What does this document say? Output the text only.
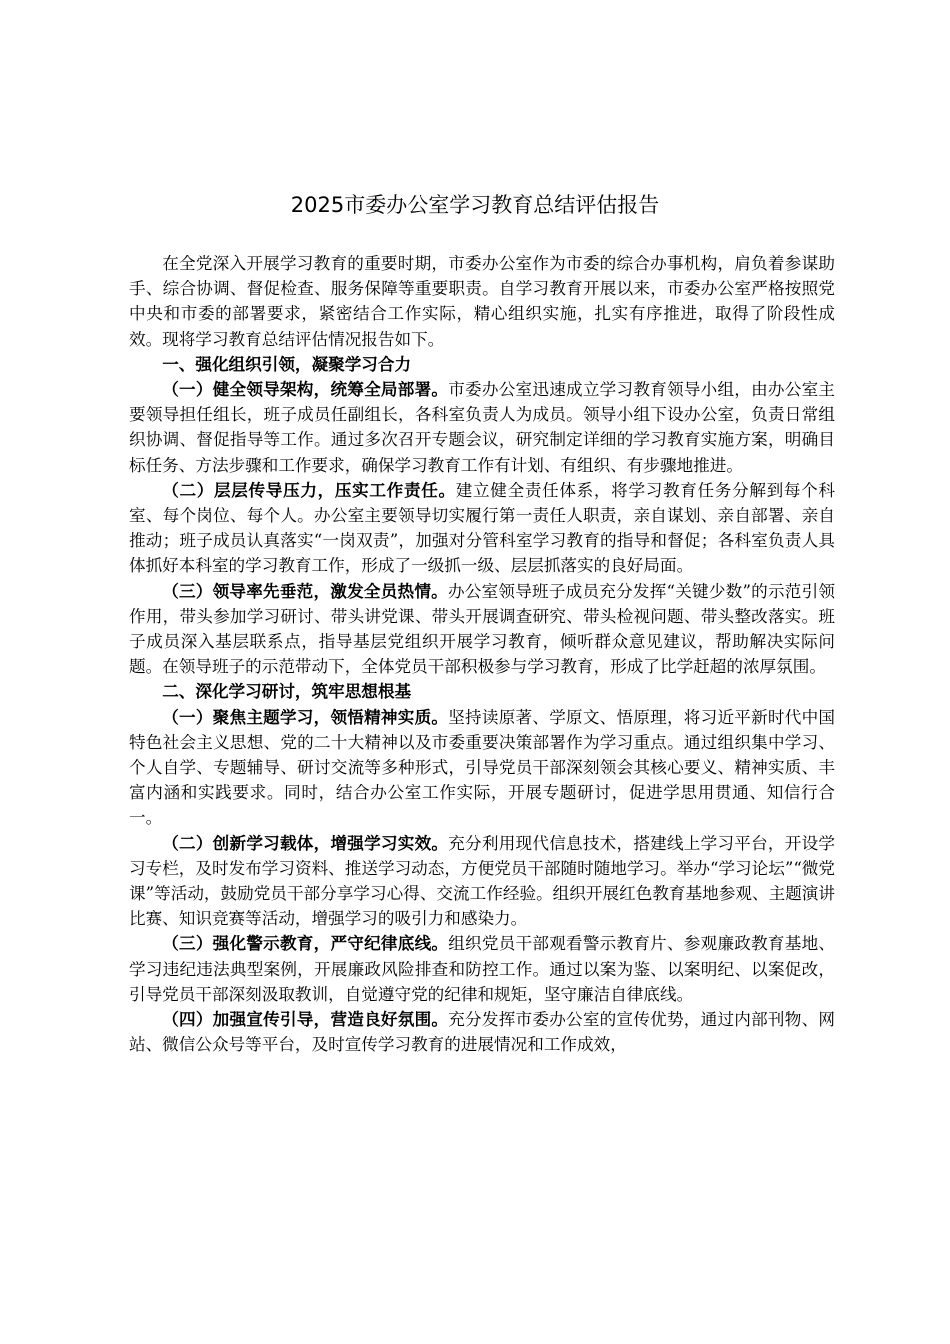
2025市委办公室学习教育总结评估报告

在全党深入开展学习教育的重要时期，市委办公室作为市委的综合办事机构，肩负着参谋助手、综合协调、督促检查、服务保障等重要职责。自学习教育开展以来，市委办公室严格按照党中央和市委的部署要求，紧密结合工作实际，精心组织实施，扎实有序推进，取得了阶段性成效。现将学习教育总结评估情况报告如下。

一、强化组织引领，凝聚学习合力

（一）健全领导架构，统筹全局部署。市委办公室迅速成立学习教育领导小组，由办公室主要领导担任组长，班子成员任副组长，各科室负责人为成员。领导小组下设办公室，负责日常组织协调、督促指导等工作。通过多次召开专题会议，研究制定详细的学习教育实施方案，明确目标任务、方法步骤和工作要求，确保学习教育工作有计划、有组织、有步骤地推进。

（二）层层传导压力，压实工作责任。建立健全责任体系，将学习教育任务分解到每个科室、每个岗位、每个人。办公室主要领导切实履行第一责任人职责，亲自谋划、亲自部署、亲自推动；班子成员认真落实“一岗双责”，加强对分管科室学习教育的指导和督促；各科室负责人具体抓好本科室的学习教育工作，形成了一级抓一级、层层抓落实的良好局面。

（三）领导率先垂范，激发全员热情。办公室领导班子成员充分发挥“关键少数”的示范引领作用，带头参加学习研讨、带头讲党课、带头开展调查研究、带头检视问题、带头整改落实。班子成员深入基层联系点，指导基层党组织开展学习教育，倾听群众意见建议，帮助解决实际问题。在领导班子的示范带动下，全体党员干部积极参与学习教育，形成了比学赶超的浓厚氛围。

二、深化学习研讨，筑牢思想根基

（一）聚焦主题学习，领悟精神实质。坚持读原著、学原文、悟原理，将习近平新时代中国特色社会主义思想、党的二十大精神以及市委重要决策部署作为学习重点。通过组织集中学习、个人自学、专题辅导、研讨交流等多种形式，引导党员干部深刻领会其核心要义、精神实质、丰富内涵和实践要求。同时，结合办公室工作实际，开展专题研讨，促进学思用贯通、知信行合一。

（二）创新学习载体，增强学习实效。充分利用现代信息技术，搭建线上学习平台，开设学习专栏，及时发布学习资料、推送学习动态，方便党员干部随时随地学习。举办“学习论坛”“微党课”等活动，鼓励党员干部分享学习心得、交流工作经验。组织开展红色教育基地参观、主题演讲比赛、知识竞赛等活动，增强学习的吸引力和感染力。

（三）强化警示教育，严守纪律底线。组织党员干部观看警示教育片、参观廉政教育基地、学习违纪违法典型案例，开展廉政风险排查和防控工作。通过以案为鉴、以案明纪、以案促改，引导党员干部深刻汲取教训，自觉遵守党的纪律和规矩，坚守廉洁自律底线。

（四）加强宣传引导，营造良好氛围。充分发挥市委办公室的宣传优势，通过内部刊物、网站、微信公众号等平台，及时宣传学习教育的进展情况和工作成效，
